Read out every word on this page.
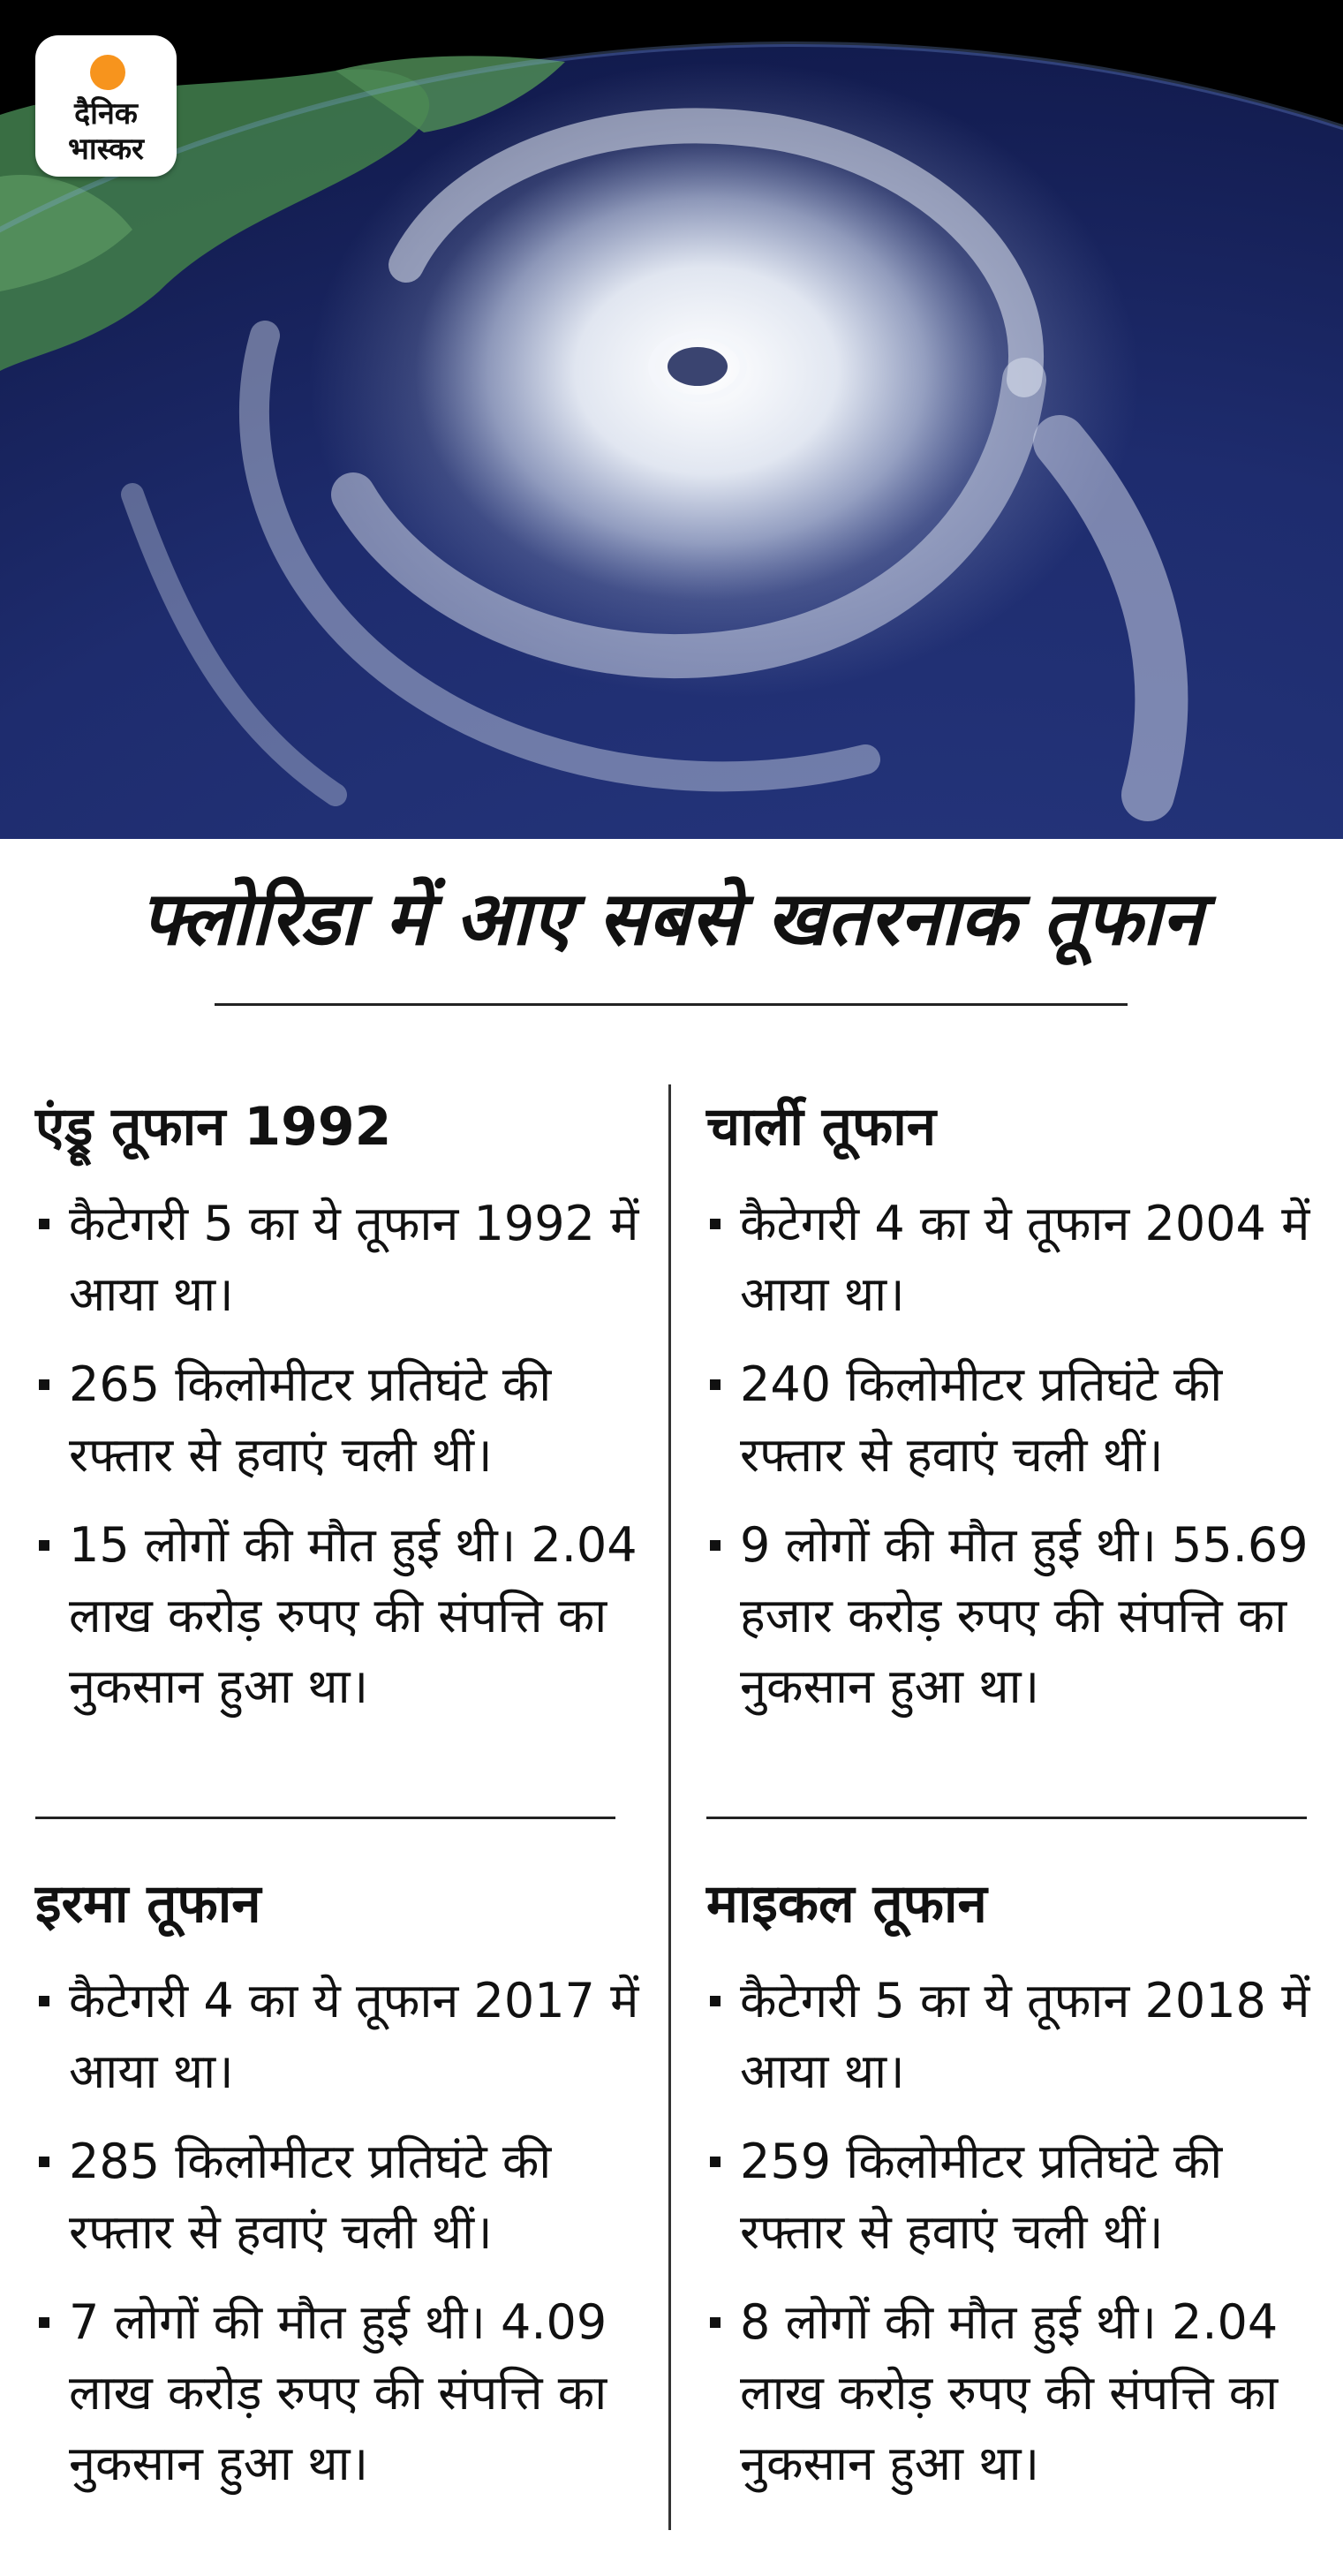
दैनिक
भास्कर
फ्लोरिडा में आए सबसे खतरनाक तूफान
एंड्रू तूफान 1992
कैटेगरी 5 का ये तूफान 1992 में आया था।
265 किलोमीटर प्रतिघंटे की रफ्तार से हवाएं चली थीं।
15 लोगों की मौत हुई थी। 2.04 लाख करोड़ रुपए की संपत्ति का नुकसान हुआ था।
चार्ली तूफान
कैटेगरी 4 का ये तूफान 2004 में आया था।
240 किलोमीटर प्रतिघंटे की रफ्तार से हवाएं चली थीं।
9 लोगों की मौत हुई थी। 55.69 हजार करोड़ रुपए की संपत्ति का नुकसान हुआ था।
इरमा तूफान
कैटेगरी 4 का ये तूफान 2017 में आया था।
285 किलोमीटर प्रतिघंटे की रफ्तार से हवाएं चली थीं।
7 लोगों की मौत हुई थी। 4.09 लाख करोड़ रुपए की संपत्ति का नुकसान हुआ था।
माइकल तूफान
कैटेगरी 5 का ये तूफान 2018 में आया था।
259 किलोमीटर प्रतिघंटे की रफ्तार से हवाएं चली थीं।
8 लोगों की मौत हुई थी। 2.04 लाख करोड़ रुपए की संपत्ति का नुकसान हुआ था।
